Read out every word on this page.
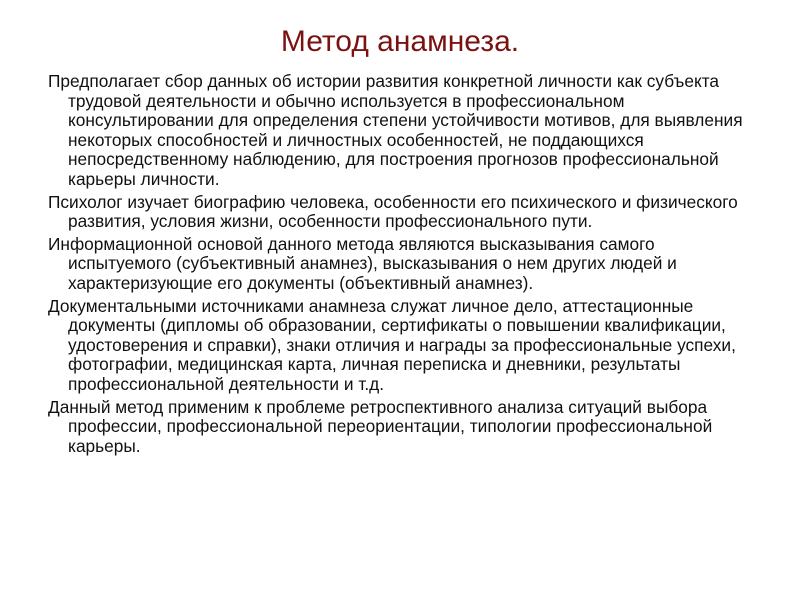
Метод анамнеза.

Предполагает сбор данных об истории развития конкретной личности как субъекта трудовой деятельности и обычно используется в профессиональном консультировании для определения степени устойчивости мотивов, для выявления некоторых способностей и личностных особенностей, не поддающихся непосредственному наблюдению, для построения прогнозов профессиональной карьеры личности.

Психолог изучает биографию человека, особенности его психического и физического развития, условия жизни, особенности профессионального пути.

Информационной основой данного метода являются высказывания самого испытуемого (субъективный анамнез), высказывания о нем других людей и характеризующие его документы (объективный анамнез).

Документальными источниками анамнеза служат личное дело, аттестационные документы (дипломы об образовании, сертификаты о повышении квалификации, удостоверения и справки), знаки отличия и награды за профессиональные успехи, фотографии, медицинская карта, личная переписка и дневники, результаты профессиональной деятельности и т.д.

Данный метод применим к проблеме ретроспективного анализа ситуаций выбора профессии, профессиональной переориентации, типологии профессиональной карьеры.
